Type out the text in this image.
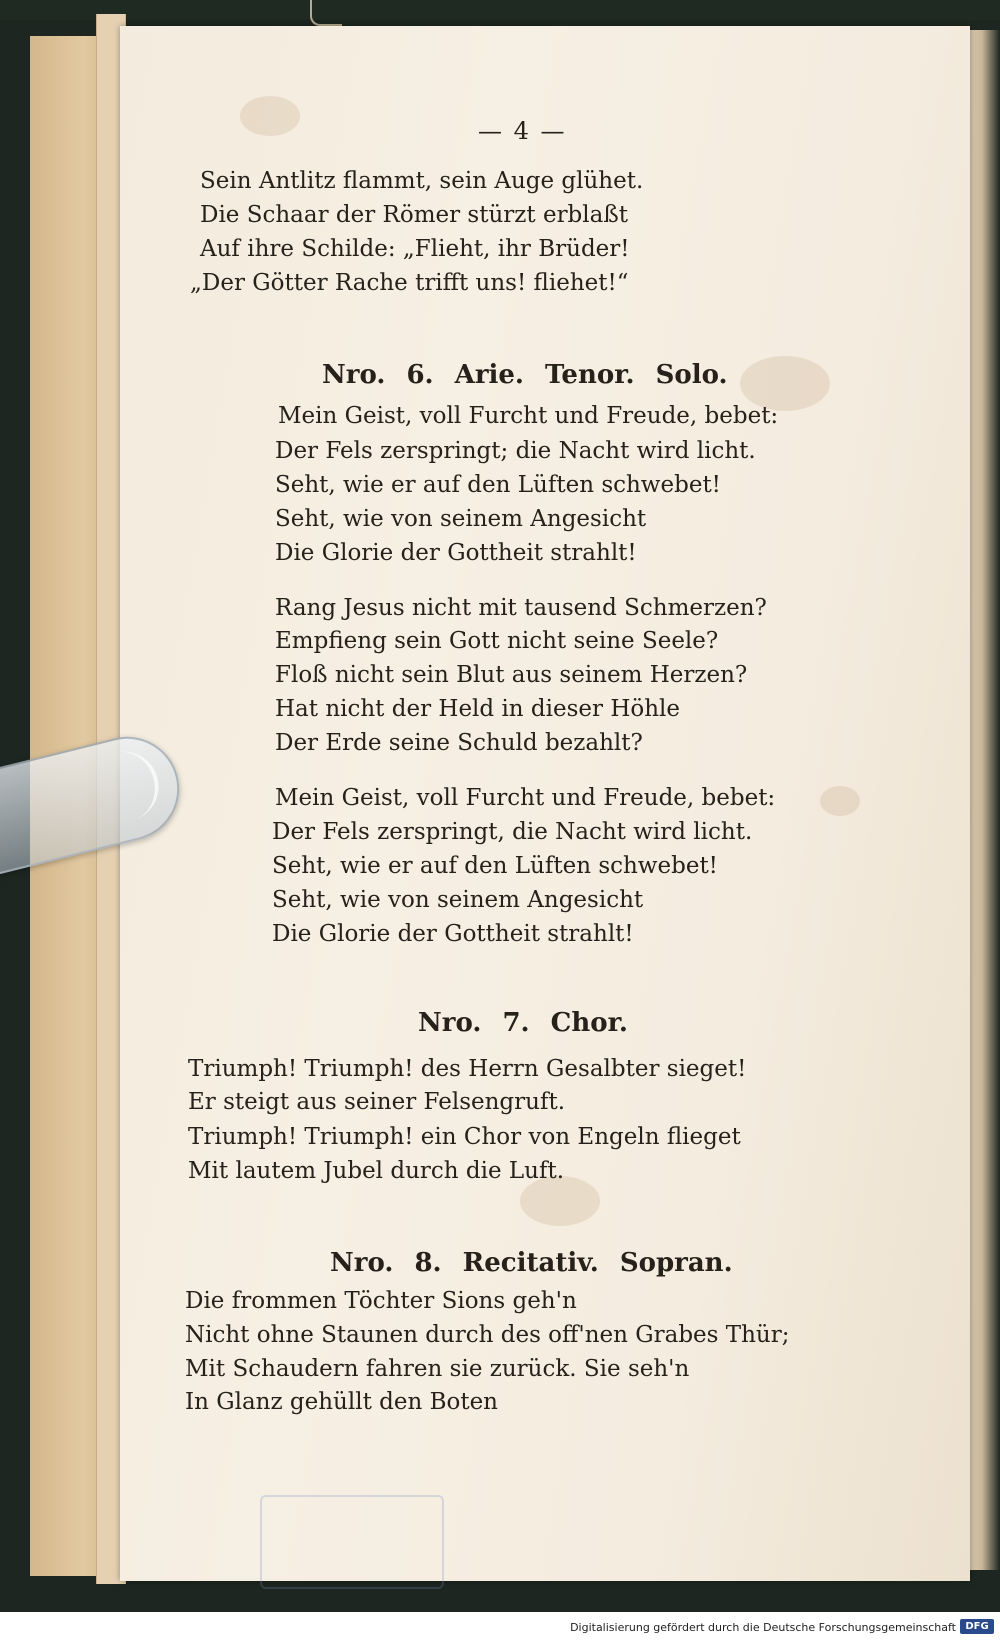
— 4 —
Sein Antlitz flammt, sein Auge glühet.
Die Schaar der Römer stürzt erblaßt
Auf ihre Schilde: „Flieht, ihr Brüder!
„Der Götter Rache trifft uns! fliehet!“
Nro. 6. Arie. Tenor. Solo.
Mein Geist, voll Furcht und Freude, bebet:
Der Fels zerspringt; die Nacht wird licht.
Seht, wie er auf den Lüften schwebet!
Seht, wie von seinem Angesicht
Die Glorie der Gottheit strahlt!
Rang Jesus nicht mit tausend Schmerzen?
Empfieng sein Gott nicht seine Seele?
Floß nicht sein Blut aus seinem Herzen?
Hat nicht der Held in dieser Höhle
Der Erde seine Schuld bezahlt?
Mein Geist, voll Furcht und Freude, bebet:
Der Fels zerspringt, die Nacht wird licht.
Seht, wie er auf den Lüften schwebet!
Seht, wie von seinem Angesicht
Die Glorie der Gottheit strahlt!
Nro. 7. Chor.
Triumph! Triumph! des Herrn Gesalbter sieget!
Er steigt aus seiner Felsengruft.
Triumph! Triumph! ein Chor von Engeln flieget
Mit lautem Jubel durch die Luft.
Nro. 8. Recitativ. Sopran.
Die frommen Töchter Sions geh'n
Nicht ohne Staunen durch des off'nen Grabes Thür;
Mit Schaudern fahren sie zurück. Sie seh'n
In Glanz gehüllt den Boten
Digitalisierung gefördert durch die Deutsche Forschungsgemeinschaft DFG
